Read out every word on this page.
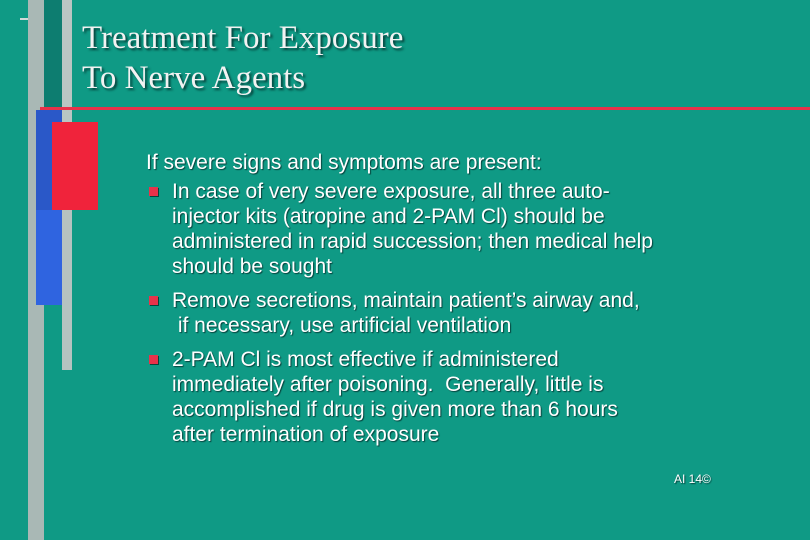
Treatment For Exposure
To Nerve Agents
If severe signs and symptoms are present:
In case of very severe exposure, all three auto-
injector kits (atropine and 2-PAM Cl) should be
administered in rapid succession; then medical help
should be sought
Remove secretions, maintain patient’s airway and,
if necessary, use artificial ventilation
2-PAM Cl is most effective if administered
immediately after poisoning.  Generally, little is
accomplished if drug is given more than 6 hours
after termination of exposure
AI 14©
